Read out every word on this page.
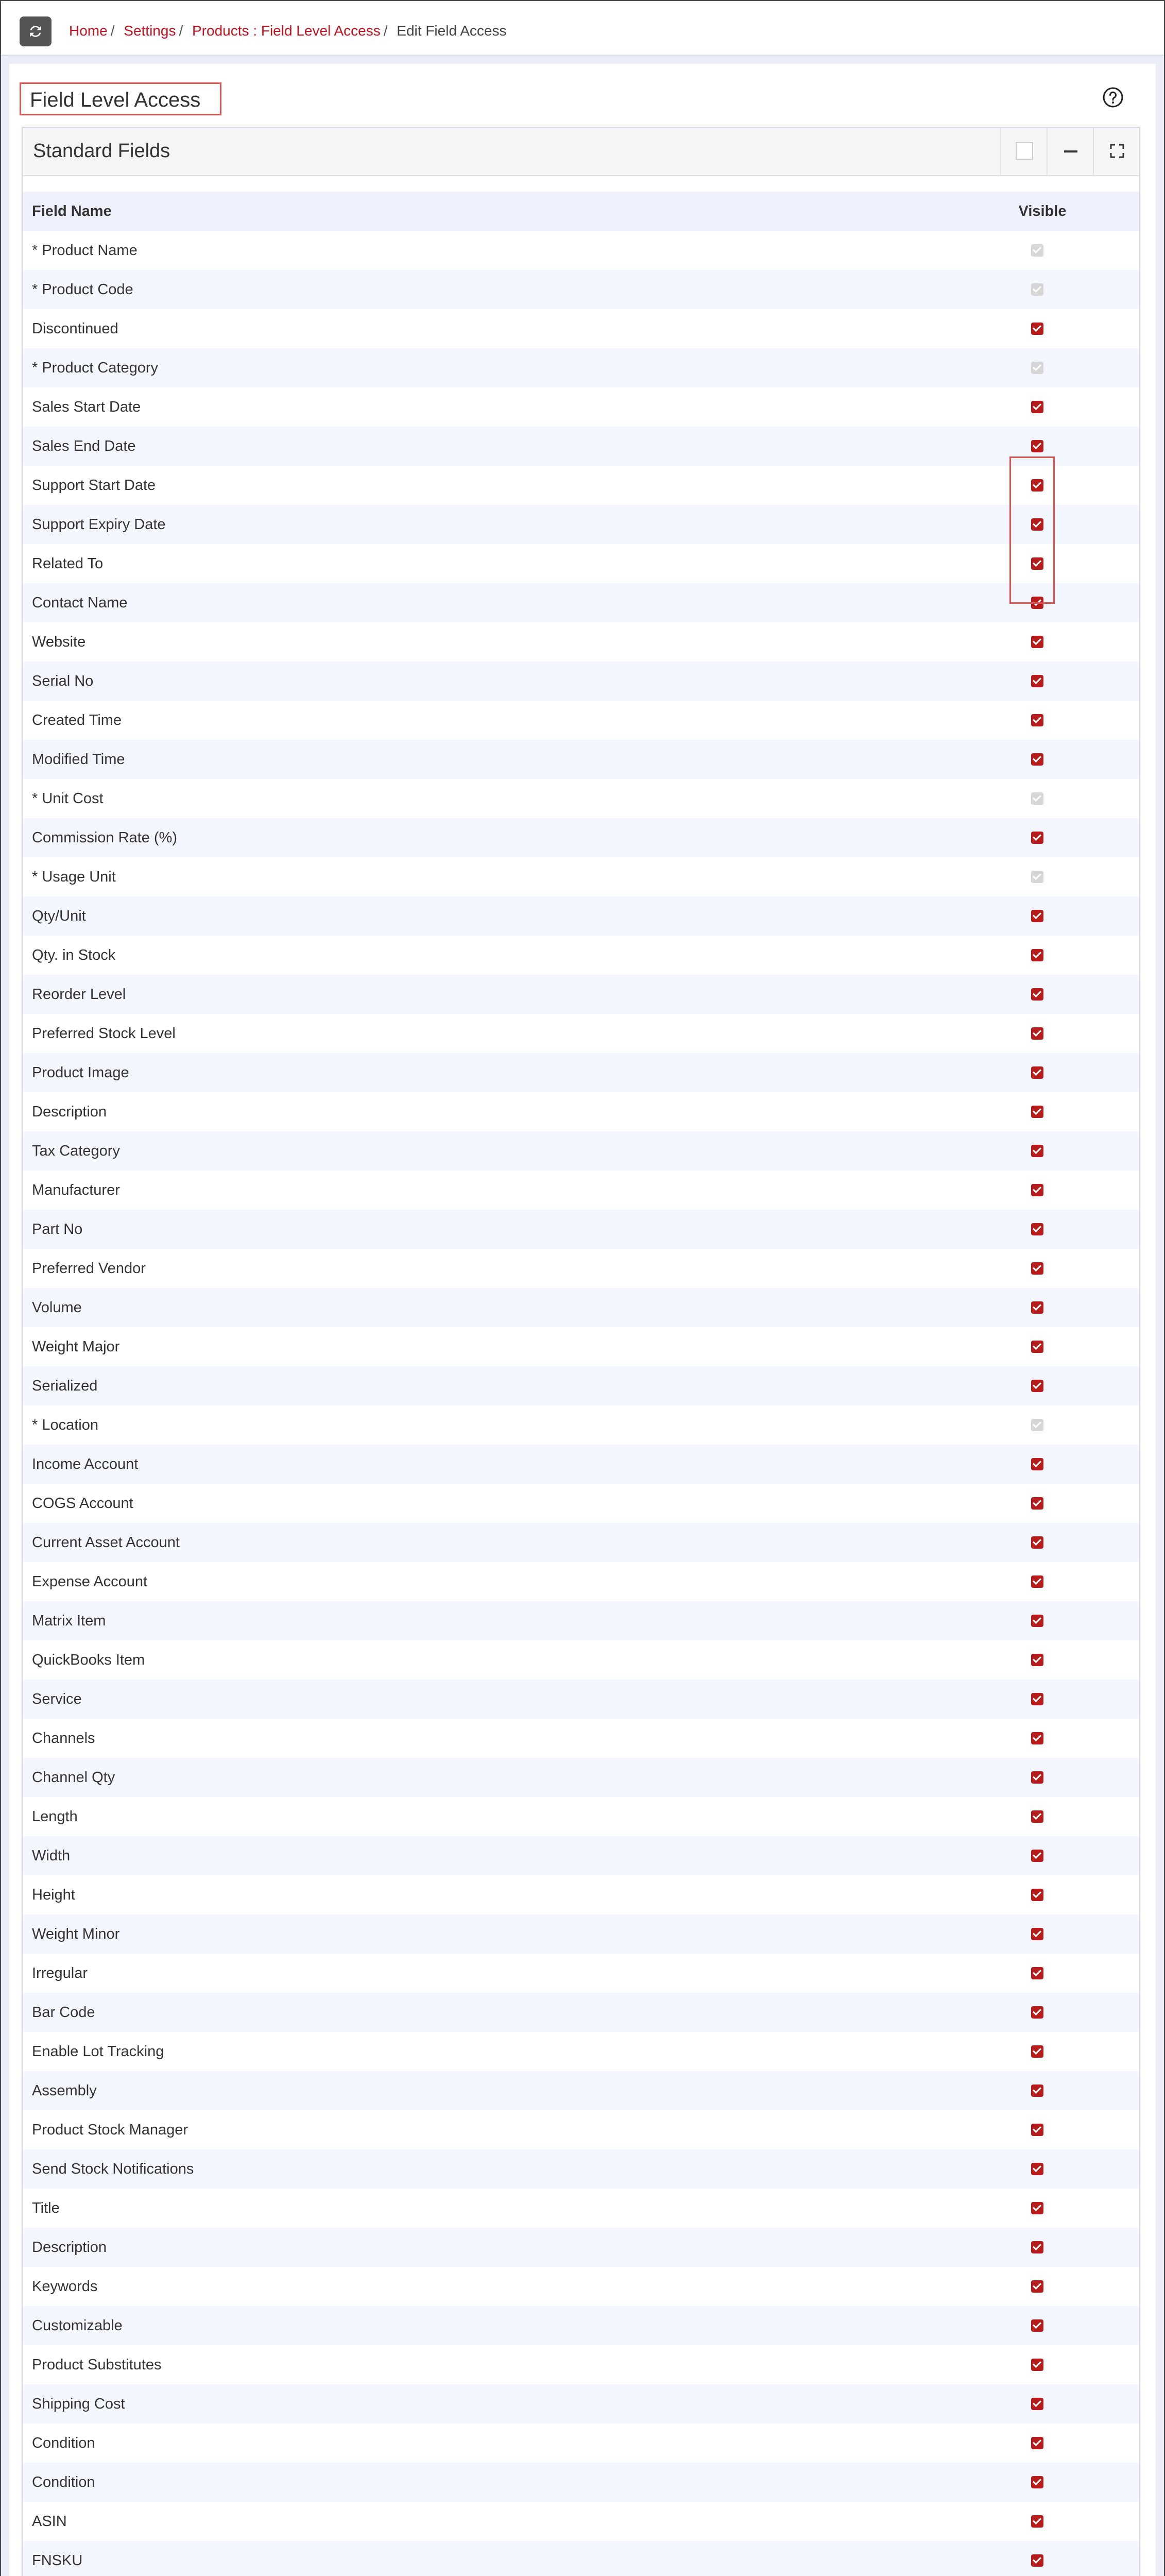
Home / Settings / Products : Field Level Access / Edit Field Access
Field Level Access
Standard Fields
Field Name	Visible
* Product Name
* Product Code
Discontinued
* Product Category
Sales Start Date
Sales End Date
Support Start Date
Support Expiry Date
Related To
Contact Name
Website
Serial No
Created Time
Modified Time
* Unit Cost
Commission Rate (%)
* Usage Unit
Qty/Unit
Qty. in Stock
Reorder Level
Preferred Stock Level
Product Image
Description
Tax Category
Manufacturer
Part No
Preferred Vendor
Volume
Weight Major
Serialized
* Location
Income Account
COGS Account
Current Asset Account
Expense Account
Matrix Item
QuickBooks Item
Service
Channels
Channel Qty
Length
Width
Height
Weight Minor
Irregular
Bar Code
Enable Lot Tracking
Assembly
Product Stock Manager
Send Stock Notifications
Title
Description
Keywords
Customizable
Product Substitutes
Shipping Cost
Condition
Condition
ASIN
FNSKU
